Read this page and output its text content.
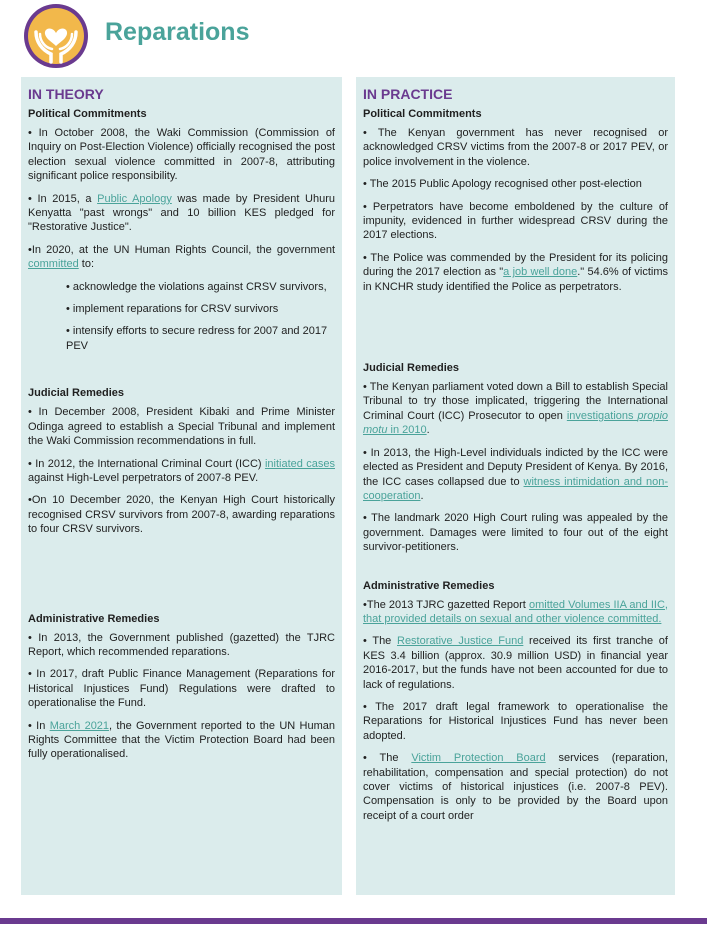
Reparations
IN THEORY
Political Commitments

• In October 2008, the Waki Commission (Commission of Inquiry on Post-Election Violence) officially recognised the post election sexual violence committed in 2007-8, attributing significant police responsibility.

• In 2015, a Public Apology was made by President Uhuru Kenyatta "past wrongs" and 10 billion KES pledged for "Restorative Justice".

•In 2020, at the UN Human Rights Council, the government committed to:

• acknowledge the violations against CRSV survivors,

• implement reparations for CRSV survivors

• intensify efforts to secure redress for 2007 and 2017 PEV

Judicial Remedies

• In December 2008, President Kibaki and Prime Minister Odinga agreed to establish a Special Tribunal and implement the Waki Commission recommendations in full.

• In 2012, the International Criminal Court (ICC) initiated cases against High-Level perpetrators of 2007-8 PEV.

•On 10 December 2020, the Kenyan High Court historically recognised CRSV survivors from 2007-8, awarding reparations to four CRSV survivors.

Administrative Remedies

• In 2013, the Government published (gazetted) the TJRC Report, which recommended reparations.

• In 2017, draft Public Finance Management (Reparations for Historical Injustices Fund) Regulations were drafted to operationalise the Fund.

• In March 2021, the Government reported to the UN Human Rights Committee that the Victim Protection Board had been fully operationalised.

IN PRACTICE
Political Commitments

• The Kenyan government has never recognised or acknowledged CRSV victims from the 2007-8 or 2017 PEV, or police involvement in the violence.

• The 2015 Public Apology recognised other post-election

• Perpetrators have become emboldened by the culture of impunity, evidenced in further widespread CRSV during the 2017 elections.

• The Police was commended by the President for its policing during the 2017 election as "a job well done." 54.6% of victims in KNCHR study identified the Police as perpetrators.

Judicial Remedies

• The Kenyan parliament voted down a Bill to establish Special Tribunal to try those implicated, triggering the International Criminal Court (ICC) Prosecutor to open investigations propio motu in 2010.

• In 2013, the High-Level individuals indicted by the ICC were elected as President and Deputy President of Kenya. By 2016, the ICC cases collapsed due to witness intimidation and non-cooperation.

• The landmark 2020 High Court ruling was appealed by the government. Damages were limited to four out of the eight survivor-petitioners.

Administrative Remedies

•The 2013 TJRC gazetted Report omitted Volumes IIA and IIC, that provided details on sexual and other violence committed.

• The Restorative Justice Fund received its first tranche of KES 3.4 billion (approx. 30.9 million USD) in financial year 2016-2017, but the funds have not been accounted for due to lack of regulations.

• The 2017 draft legal framework to operationalise the Reparations for Historical Injustices Fund has never been adopted.

• The Victim Protection Board services (reparation, rehabilitation, compensation and special protection) do not cover victims of historical injustices (i.e. 2007-8 PEV). Compensation is only to be provided by the Board upon receipt of a court order
